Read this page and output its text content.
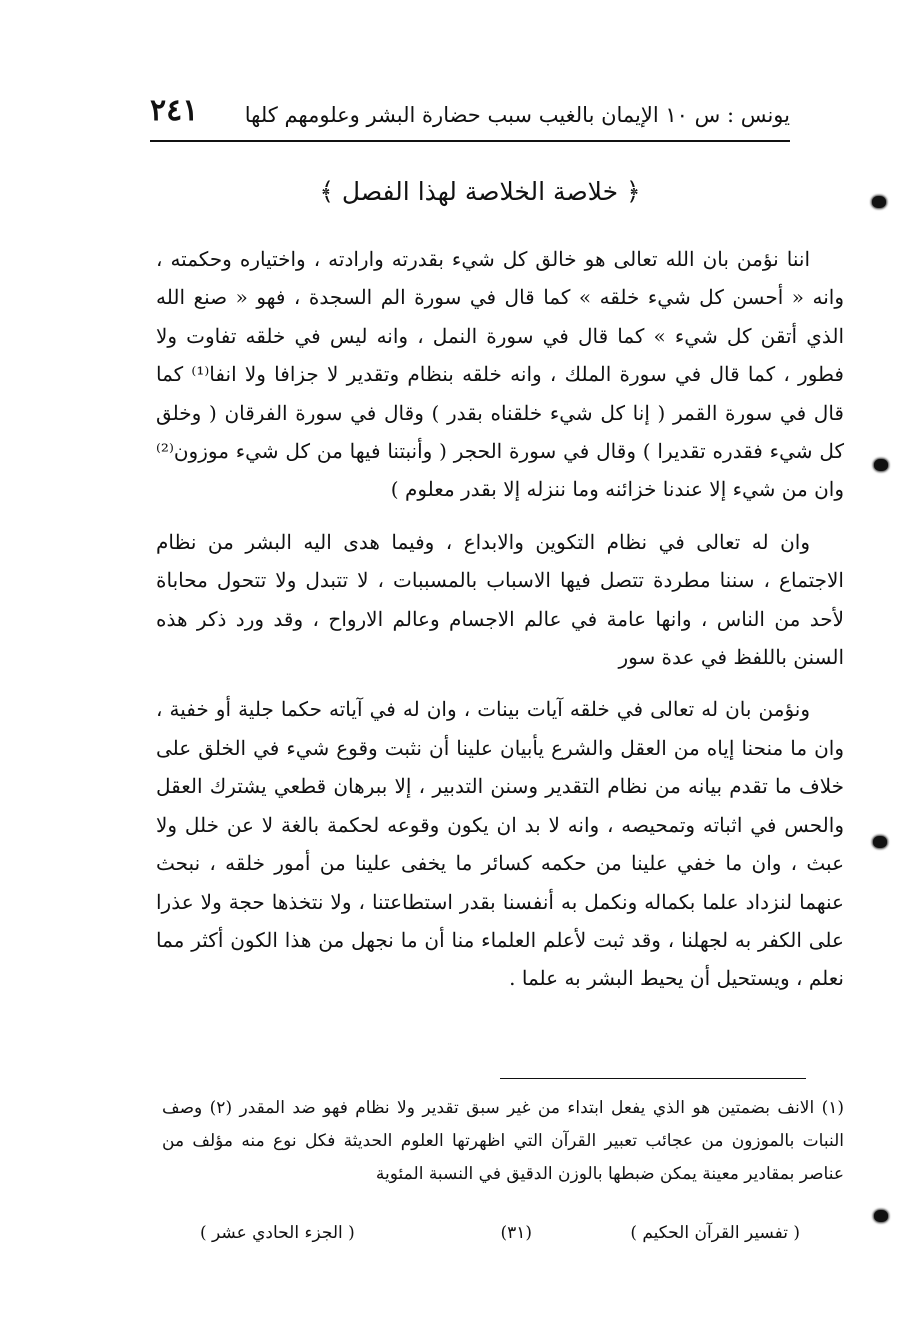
يونس : س ١٠ الإيمان بالغيب سبب حضارة البشر وعلومهم كلها
٢٤١
﴿ خلاصة الخلاصة لهذا الفصل ﴾

اننا نؤمن بان الله تعالى هو خالق كل شيء بقدرته وارادته ، واختياره وحكمته ، وانه « أحسن كل شيء خلقه » كما قال في سورة الم السجدة ، فهو « صنع الله الذي أتقن كل شيء » كما قال في سورة النمل ، وانه ليس في خلقه تفاوت ولا فطور ، كما قال في سورة الملك ، وانه خلقه بنظام وتقدير لا جزافا ولا انفا⁽¹⁾ كما قال في سورة القمر ( إنا كل شيء خلقناه بقدر ) وقال في سورة الفرقان ( وخلق كل شيء فقدره تقديرا ) وقال في سورة الحجر ( وأنبتنا فيها من كل شيء موزون⁽²⁾ وان من شيء إلا عندنا خزائنه وما ننزله إلا بقدر معلوم )

وان له تعالى في نظام التكوين والابداع ، وفيما هدى اليه البشر من نظام الاجتماع ، سننا مطردة تتصل فيها الاسباب بالمسببات ، لا تتبدل ولا تتحول محاباة لأحد من الناس ، وانها عامة في عالم الاجسام وعالم الارواح ، وقد ورد ذكر هذه السنن باللفظ في عدة سور

ونؤمن بان له تعالى في خلقه آيات بينات ، وان له في آياته حكما جلية أو خفية ، وان ما منحنا إياه من العقل والشرع يأبيان علينا أن نثبت وقوع شيء في الخلق على خلاف ما تقدم بيانه من نظام التقدير وسنن التدبير ، إلا ببرهان قطعي يشترك العقل والحس في اثباته وتمحيصه ، وانه لا بد ان يكون وقوعه لحكمة بالغة لا عن خلل ولا عبث ، وان ما خفي علينا من حكمه كسائر ما يخفى علينا من أمور خلقه ، نبحث عنهما لنزداد علما بكماله ونكمل به أنفسنا بقدر استطاعتنا ، ولا نتخذها حجة ولا عذرا على الكفر به لجهلنا ، وقد ثبت لأعلم العلماء منا أن ما نجهل من هذا الكون أكثر مما نعلم ، ويستحيل أن يحيط البشر به علما .

(١) الانف بضمتين هو الذي يفعل ابتداء من غير سبق تقدير ولا نظام فهو ضد المقدر (٢) وصف النبات بالموزون من عجائب تعبير القرآن التي اظهرتها العلوم الحديثة فكل نوع منه مؤلف من عناصر بمقادير معينة يمكن ضبطها بالوزن الدقيق في النسبة المئوية

( تفسير القرآن الحكيم )
(٣١)
( الجزء الحادي عشر )
